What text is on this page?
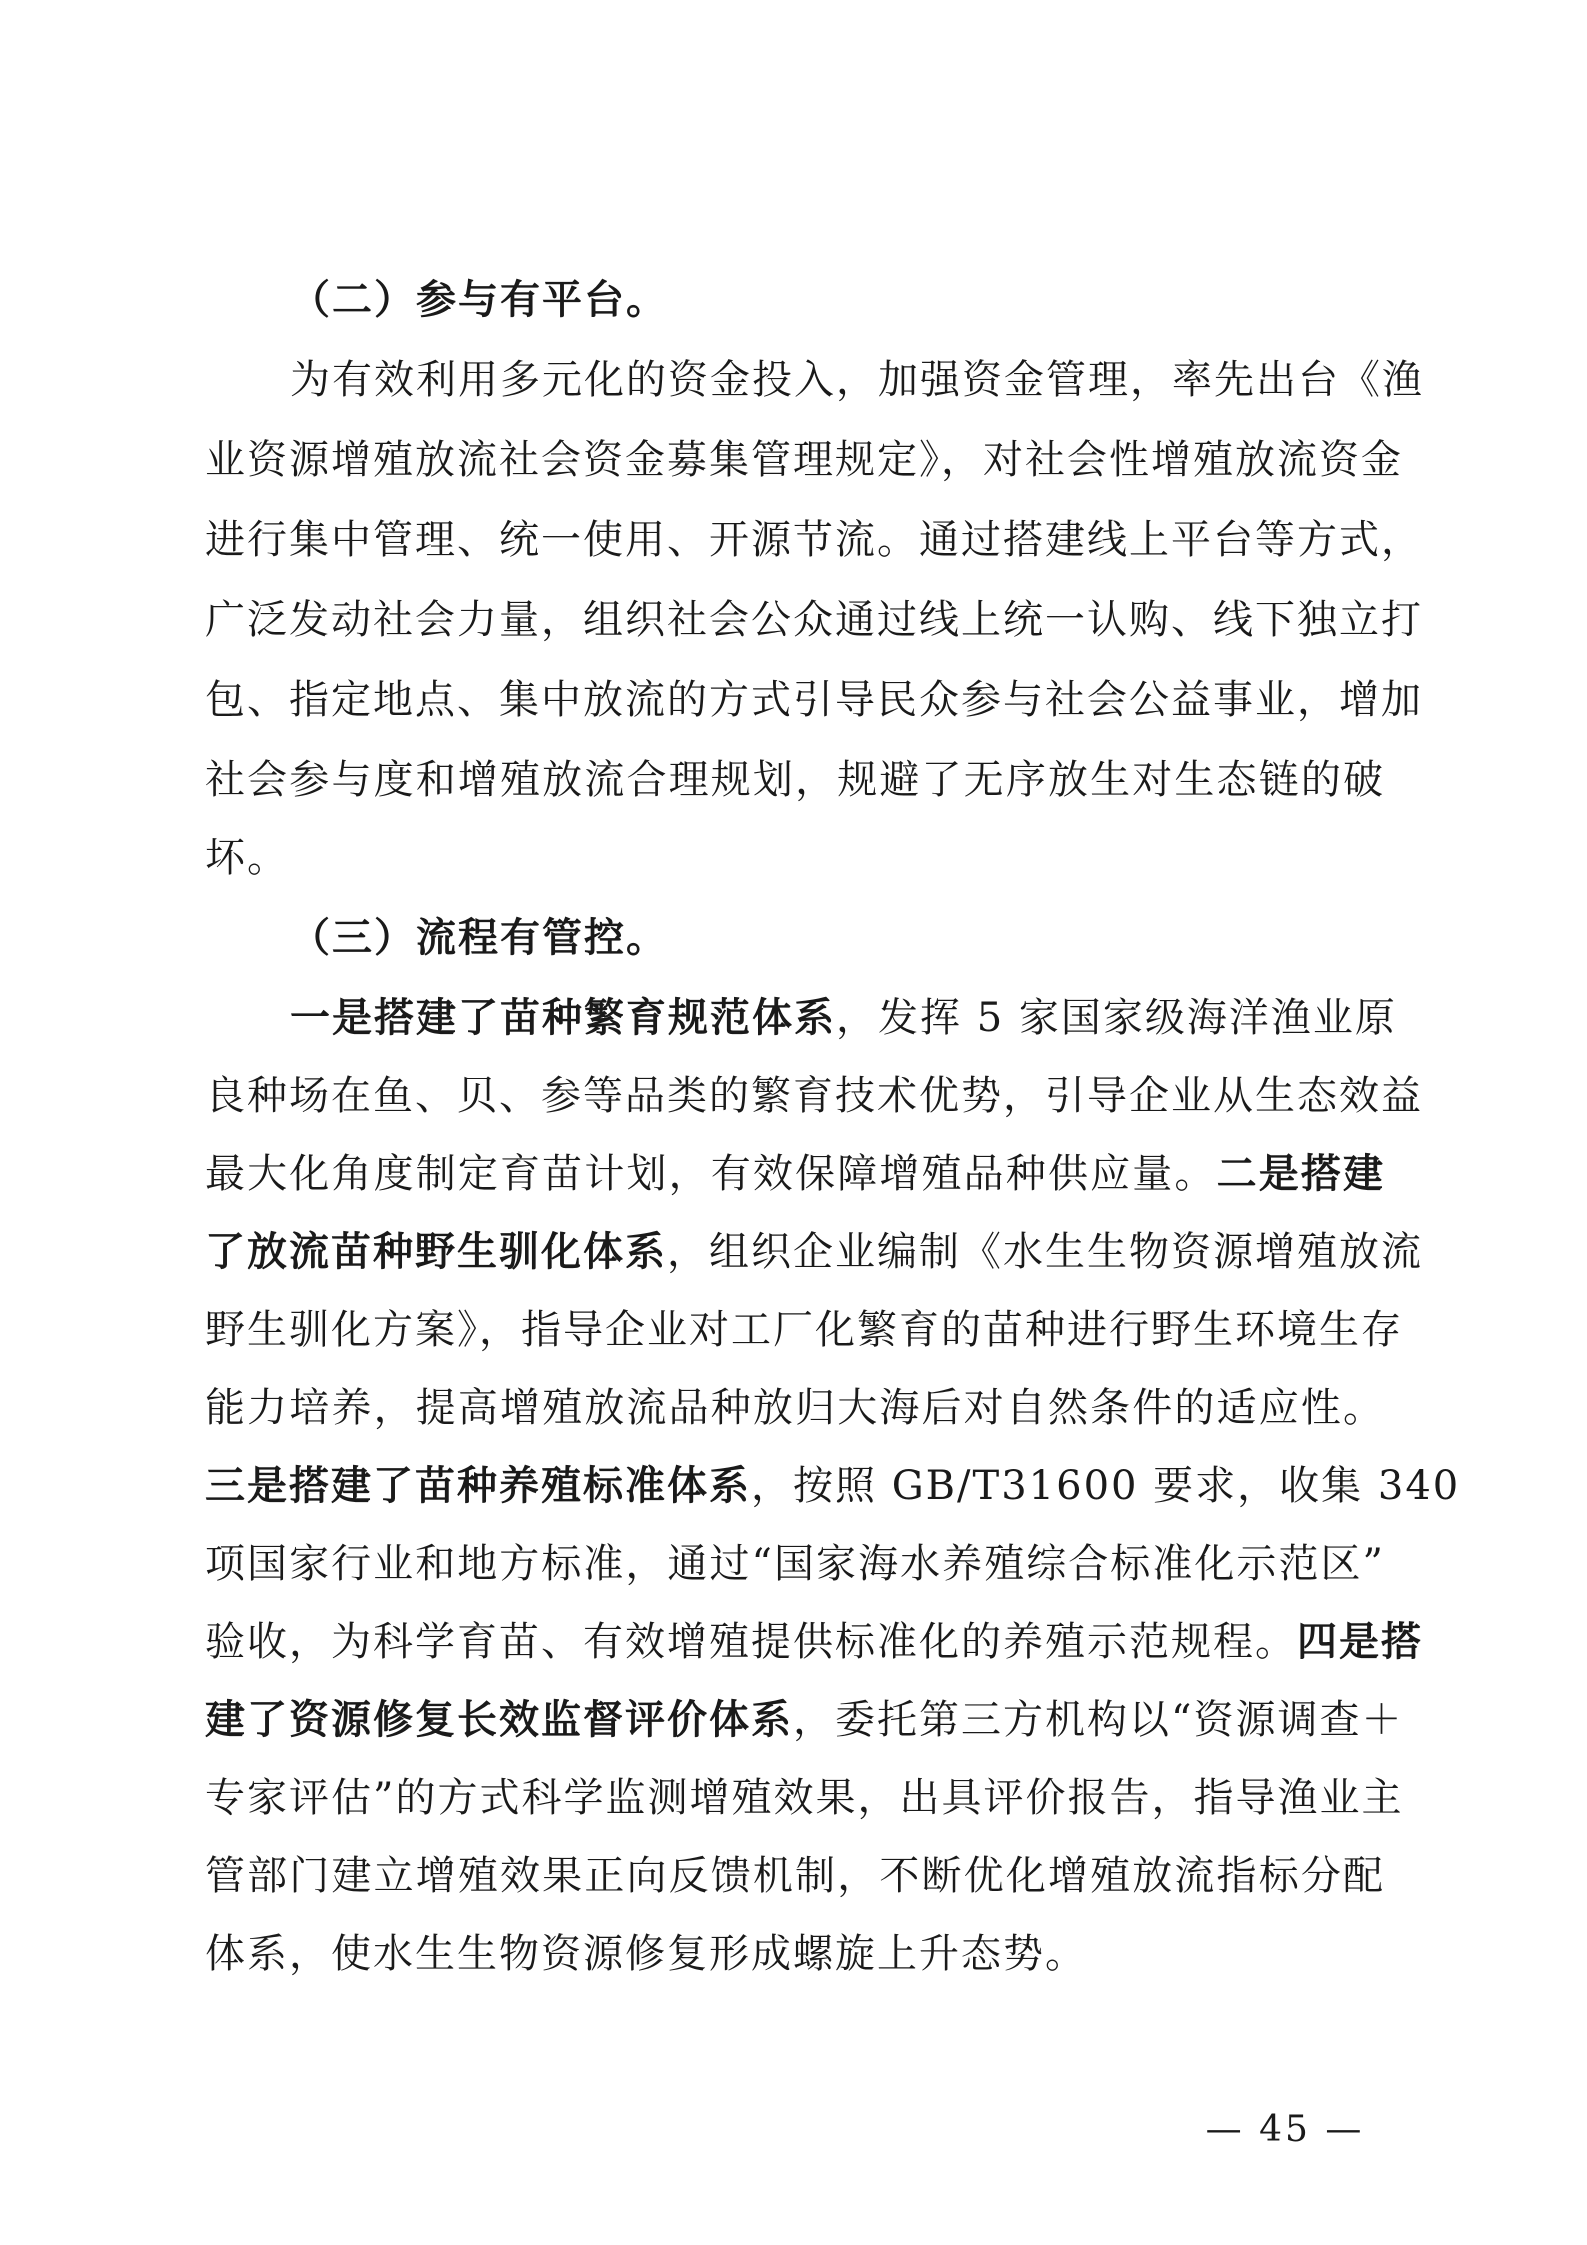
（二）参与有平台。
为有效利用多元化的资金投入，加强资金管理，率先出台《渔
业资源增殖放流社会资金募集管理规定》，对社会性增殖放流资金
进行集中管理、统一使用、开源节流。通过搭建线上平台等方式，
广泛发动社会力量，组织社会公众通过线上统一认购、线下独立打
包、指定地点、集中放流的方式引导民众参与社会公益事业，增加
社会参与度和增殖放流合理规划，规避了无序放生对生态链的破
坏。
（三）流程有管控。
一是搭建了苗种繁育规范体系，发挥 5 家国家级海洋渔业原
良种场在鱼、贝、参等品类的繁育技术优势，引导企业从生态效益
最大化角度制定育苗计划，有效保障增殖品种供应量。二是搭建
了放流苗种野生驯化体系，组织企业编制《水生生物资源增殖放流
野生驯化方案》，指导企业对工厂化繁育的苗种进行野生环境生存
能力培养，提高增殖放流品种放归大海后对自然条件的适应性。
三是搭建了苗种养殖标准体系，按照 GB/T31600 要求，收集 340
项国家行业和地方标准，通过“国家海水养殖综合标准化示范区”
验收，为科学育苗、有效增殖提供标准化的养殖示范规程。四是搭
建了资源修复长效监督评价体系，委托第三方机构以“资源调查＋
专家评估”的方式科学监测增殖效果，出具评价报告，指导渔业主
管部门建立增殖效果正向反馈机制，不断优化增殖放流指标分配
体系，使水生生物资源修复形成螺旋上升态势。
— 45 —
